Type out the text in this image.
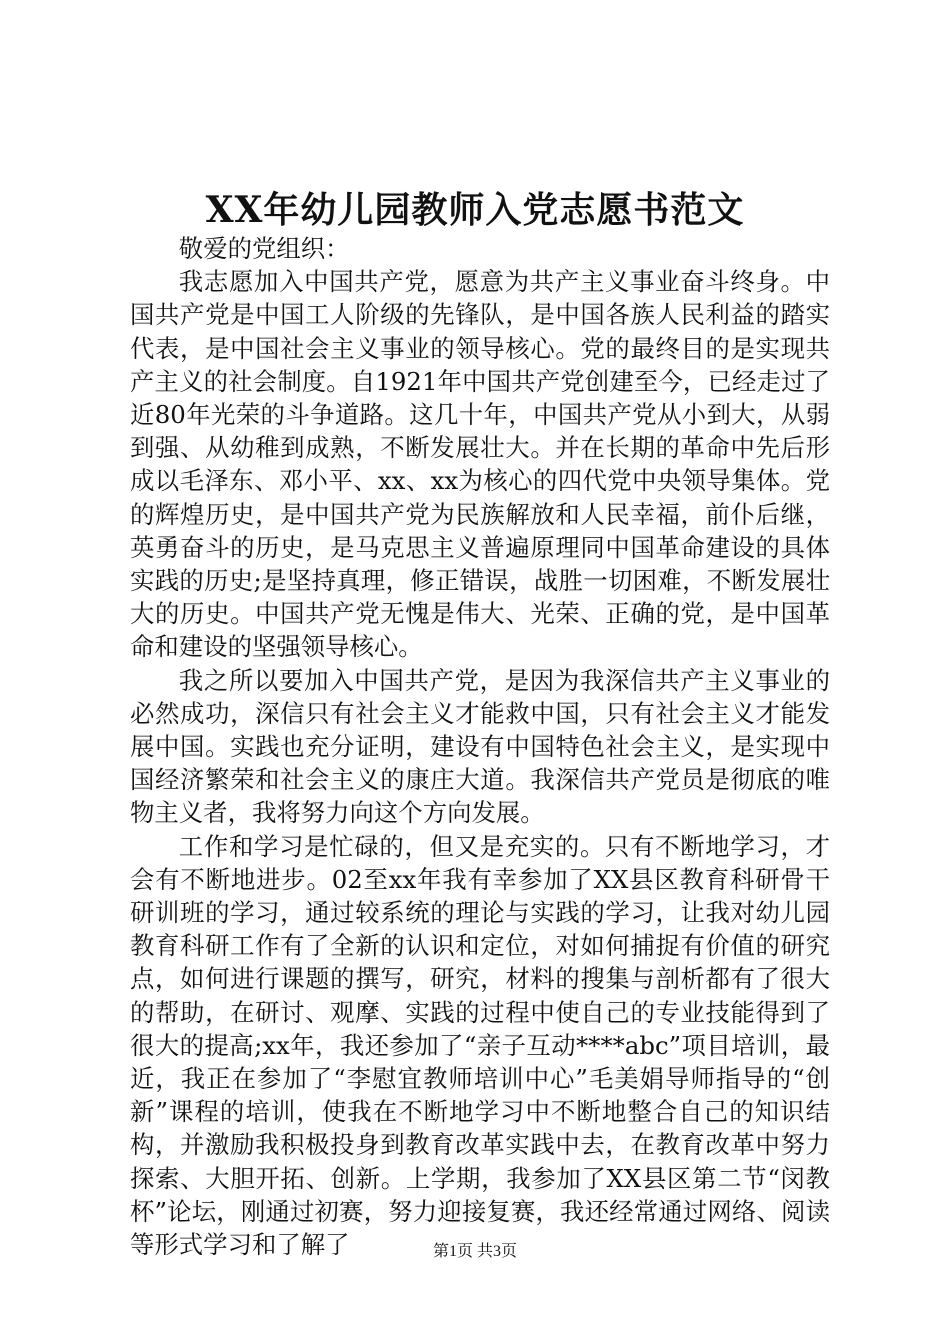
XX年幼儿园教师入党志愿书范文

敬爱的党组织：

我志愿加入中国共产党，愿意为共产主义事业奋斗终身。中国共产党是中国工人阶级的先锋队，是中国各族人民利益的踏实代表，是中国社会主义事业的领导核心。党的最终目的是实现共产主义的社会制度。自1921年中国共产党创建至今，已经走过了近80年光荣的斗争道路。这几十年，中国共产党从小到大，从弱到强、从幼稚到成熟，不断发展壮大。并在长期的革命中先后形成以毛泽东、邓小平、xx、xx为核心的四代党中央领导集体。党的辉煌历史，是中国共产党为民族解放和人民幸福，前仆后继，英勇奋斗的历史，是马克思主义普遍原理同中国革命建设的具体实践的历史;是坚持真理，修正错误，战胜一切困难，不断发展壮大的历史。中国共产党无愧是伟大、光荣、正确的党，是中国革命和建设的坚强领导核心。

我之所以要加入中国共产党，是因为我深信共产主义事业的必然成功，深信只有社会主义才能救中国，只有社会主义才能发展中国。实践也充分证明，建设有中国特色社会主义，是实现中国经济繁荣和社会主义的康庄大道。我深信共产党员是彻底的唯物主义者，我将努力向这个方向发展。

工作和学习是忙碌的，但又是充实的。只有不断地学习，才会有不断地进步。02至xx年我有幸参加了XX县区教育科研骨干研训班的学习，通过较系统的理论与实践的学习，让我对幼儿园教育科研工作有了全新的认识和定位，对如何捕捉有价值的研究点，如何进行课题的撰写，研究，材料的搜集与剖析都有了很大的帮助，在研讨、观摩、实践的过程中使自己的专业技能得到了很大的提高;xx年，我还参加了“亲子互动****abc”项目培训，最近，我正在参加了“李慰宜教师培训中心”毛美娟导师指导的“创新”课程的培训，使我在不断地学习中不断地整合自己的知识结构，并激励我积极投身到教育改革实践中去，在教育改革中努力探索、大胆开拓、创新。上学期，我参加了XX县区第二节“闵教杯”论坛，刚通过初赛，努力迎接复赛，我还经常通过网络、阅读等形式学习和了解了	第1页 共3页
